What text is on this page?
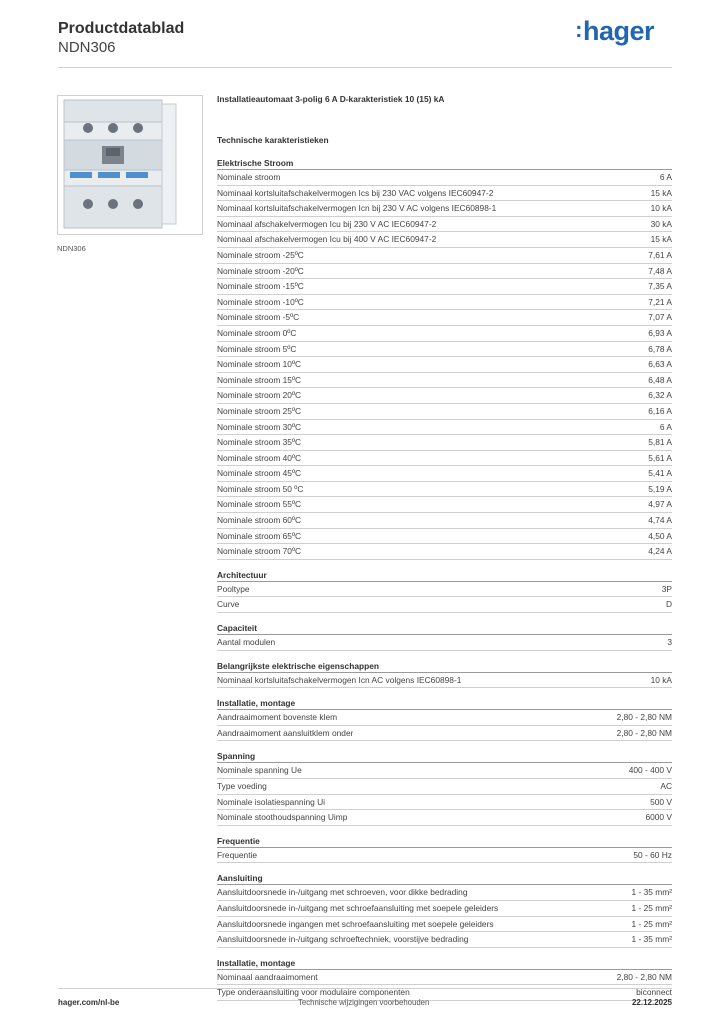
Productdatablad
NDN306
:hager
NDN306
Installatieautomaat 3-polig 6 A D-karakteristiek 10 (15) kA
Technische karakteristieken
Elektrische Stroom
Nominale stroom	6 A
Nominaal kortsluitafschakelvermogen Ics bij 230 VAC volgens IEC60947-2	15 kA
Nominaal kortsluitafschakelvermogen Icn bij 230 V AC volgens IEC60898-1	10 kA
Nominaal afschakelvermogen Icu bij 230 V AC IEC60947-2	30 kA
Nominaal afschakelvermogen Icu bij 400 V AC IEC60947-2	15 kA
Nominale stroom -25ºC	7,61 A
Nominale stroom -20ºC	7,48 A
Nominale stroom -15ºC	7,35 A
Nominale stroom -10ºC	7,21 A
Nominale stroom -5ºC	7,07 A
Nominale stroom 0ºC	6,93 A
Nominale stroom 5ºC	6,78 A
Nominale stroom 10ºC	6,63 A
Nominale stroom 15ºC	6,48 A
Nominale stroom 20ºC	6,32 A
Nominale stroom 25ºC	6,16 A
Nominale stroom 30ºC	6 A
Nominale stroom 35ºC	5,81 A
Nominale stroom 40ºC	5,61 A
Nominale stroom 45ºC	5,41 A
Nominale stroom 50 ºC	5,19 A
Nominale stroom 55ºC	4,97 A
Nominale stroom 60ºC	4,74 A
Nominale stroom 65ºC	4,50 A
Nominale stroom 70ºC	4,24 A
Architectuur
Pooltype	3P
Curve	D
Capaciteit
Aantal modulen	3
Belangrijkste elektrische eigenschappen
Nominaal kortsluitafschakelvermogen Icn AC volgens IEC60898-1	10 kA
Installatie, montage
Aandraaimoment bovenste klem	2,80 - 2,80 NM
Aandraaimoment aansluitklem onder	2,80 - 2,80 NM
Spanning
Nominale spanning Ue	400 - 400 V
Type voeding	AC
Nominale isolatiespanning Ui	500 V
Nominale stoothoudspanning Uimp	6000 V
Frequentie
Frequentie	50 - 60 Hz
Aansluiting
Aansluitdoorsnede in-/uitgang met schroeven, voor dikke bedrading	1 - 35 mm²
Aansluitdoorsnede in-/uitgang met schroefaansluiting met soepele geleiders	1 - 25 mm²
Aansluitdoorsnede ingangen met schroefaansluiting met soepele geleiders	1 - 25 mm²
Aansluitdoorsnede in-/uitgang schroeftechniek, voorstijve bedrading	1 - 35 mm²
Installatie, montage
Nominaal aandraaimoment	2,80 - 2,80 NM
Type onderaansluiting voor modulaire componenten	biconnect
hager.com/nl-be	Technische wijzigingen voorbehouden	22.12.2025
